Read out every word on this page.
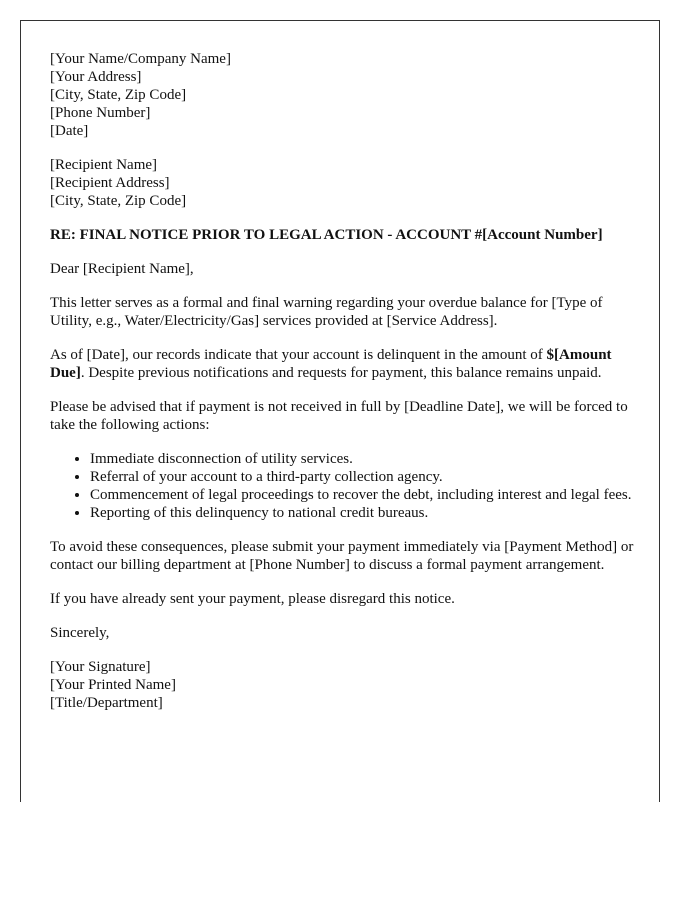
[Your Name/Company Name]
[Your Address]
[City, State, Zip Code]
[Phone Number]
[Date]
[Recipient Name]
[Recipient Address]
[City, State, Zip Code]
RE: FINAL NOTICE PRIOR TO LEGAL ACTION - ACCOUNT #[Account Number]

Dear [Recipient Name],

This letter serves as a formal and final warning regarding your overdue balance for [Type of Utility, e.g., Water/Electricity/Gas] services provided at [Service Address].

As of [Date], our records indicate that your account is delinquent in the amount of $[Amount Due]. Despite previous notifications and requests for payment, this balance remains unpaid.

Please be advised that if payment is not received in full by [Deadline Date], we will be forced to take the following actions:

• Immediate disconnection of utility services.
• Referral of your account to a third-party collection agency.
• Commencement of legal proceedings to recover the debt, including interest and legal fees.
• Reporting of this delinquency to national credit bureaus.

To avoid these consequences, please submit your payment immediately via [Payment Method] or contact our billing department at [Phone Number] to discuss a formal payment arrangement.

If you have already sent your payment, please disregard this notice.

Sincerely,

[Your Signature]
[Your Printed Name]
[Title/Department]
